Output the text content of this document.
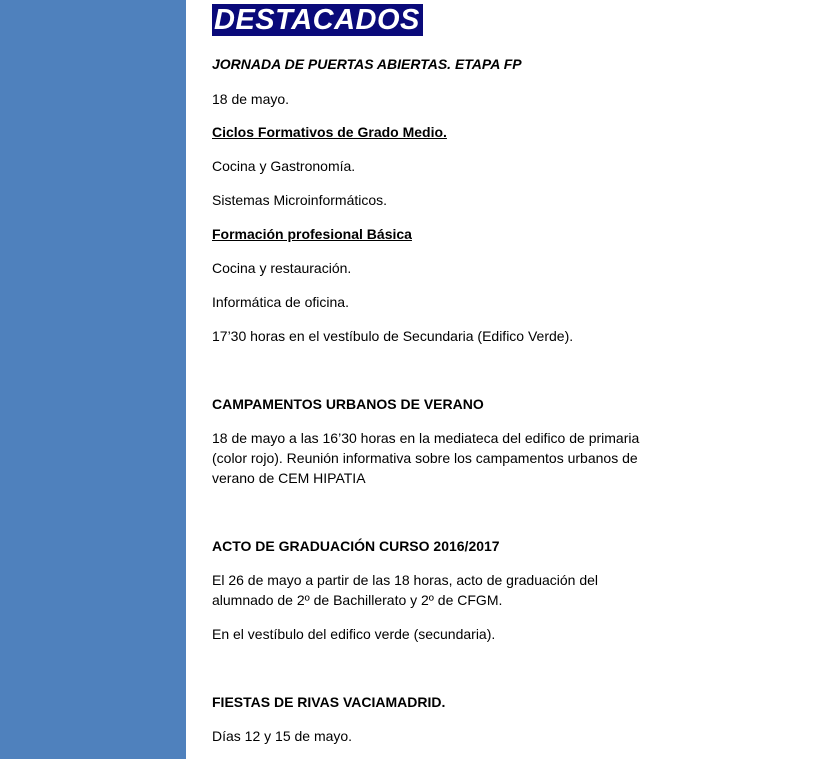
DESTACADOS
JORNADA DE PUERTAS ABIERTAS. ETAPA FP
18 de mayo.
Ciclos Formativos de Grado Medio.
Cocina y Gastronomía.
Sistemas Microinformáticos.
Formación profesional Básica
Cocina y restauración.
Informática de oficina.
17’30 horas en el vestíbulo de Secundaria (Edifico Verde).
CAMPAMENTOS URBANOS DE VERANO
18 de mayo a las 16’30 horas en la mediateca del edifico de primaria
(color rojo). Reunión informativa sobre los campamentos urbanos de
verano de CEM HIPATIA
ACTO DE GRADUACIÓN CURSO 2016/2017
El 26 de mayo a partir de las 18 horas, acto de graduación del
alumnado de 2º de Bachillerato y 2º de CFGM.
En el vestíbulo del edifico verde (secundaria).
FIESTAS DE RIVAS VACIAMADRID.
Días 12 y 15 de mayo.
